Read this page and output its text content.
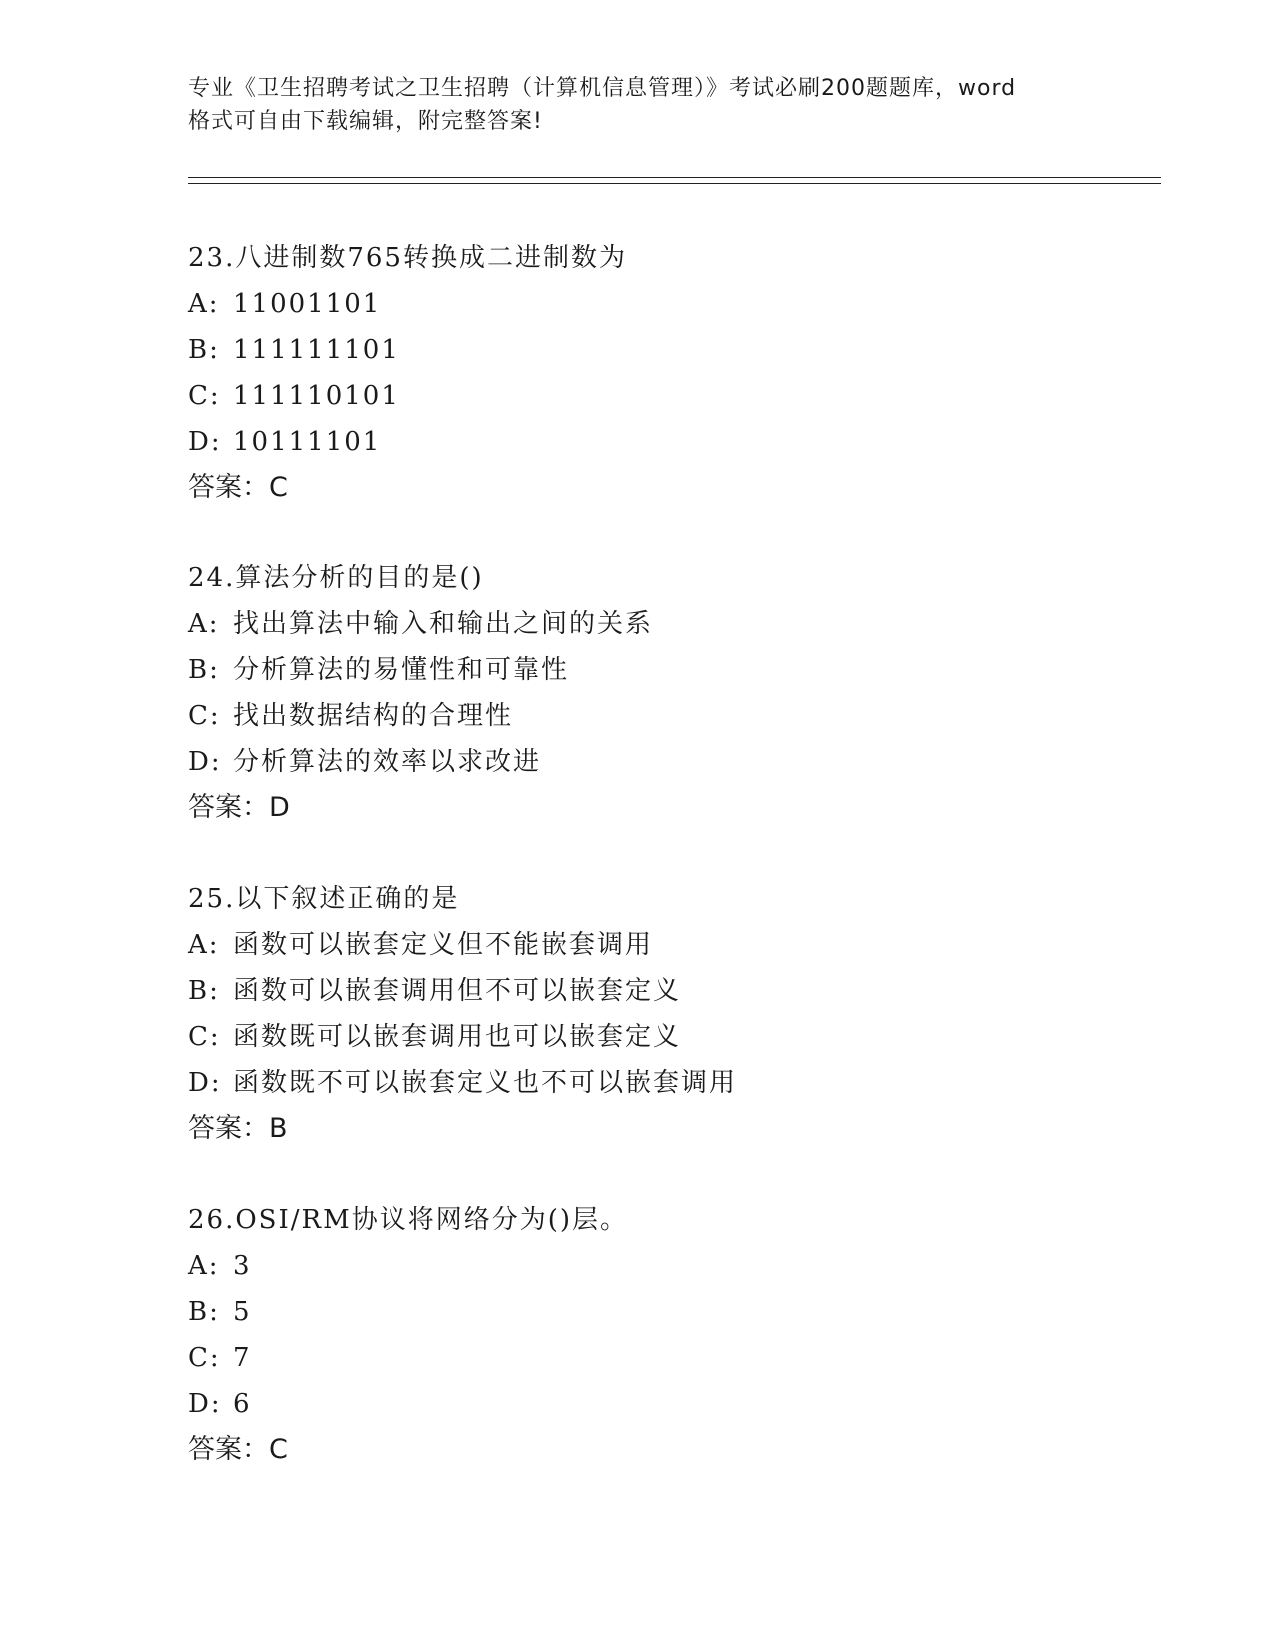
专业《卫生招聘考试之卫生招聘（计算机信息管理）》考试必刷200题题库，word
格式可自由下载编辑，附完整答案!
23.八进制数765转换成二进制数为
A: 11001101
B: 111111101
C: 111110101
D: 10111101
答案：C
24.算法分析的目的是()
A: 找出算法中输入和输出之间的关系
B: 分析算法的易懂性和可靠性
C: 找出数据结构的合理性
D: 分析算法的效率以求改进
答案：D
25.以下叙述正确的是
A: 函数可以嵌套定义但不能嵌套调用
B: 函数可以嵌套调用但不可以嵌套定义
C: 函数既可以嵌套调用也可以嵌套定义
D: 函数既不可以嵌套定义也不可以嵌套调用
答案：B
26.OSI/RM协议将网络分为()层。
A: 3
B: 5
C: 7
D: 6
答案：C
